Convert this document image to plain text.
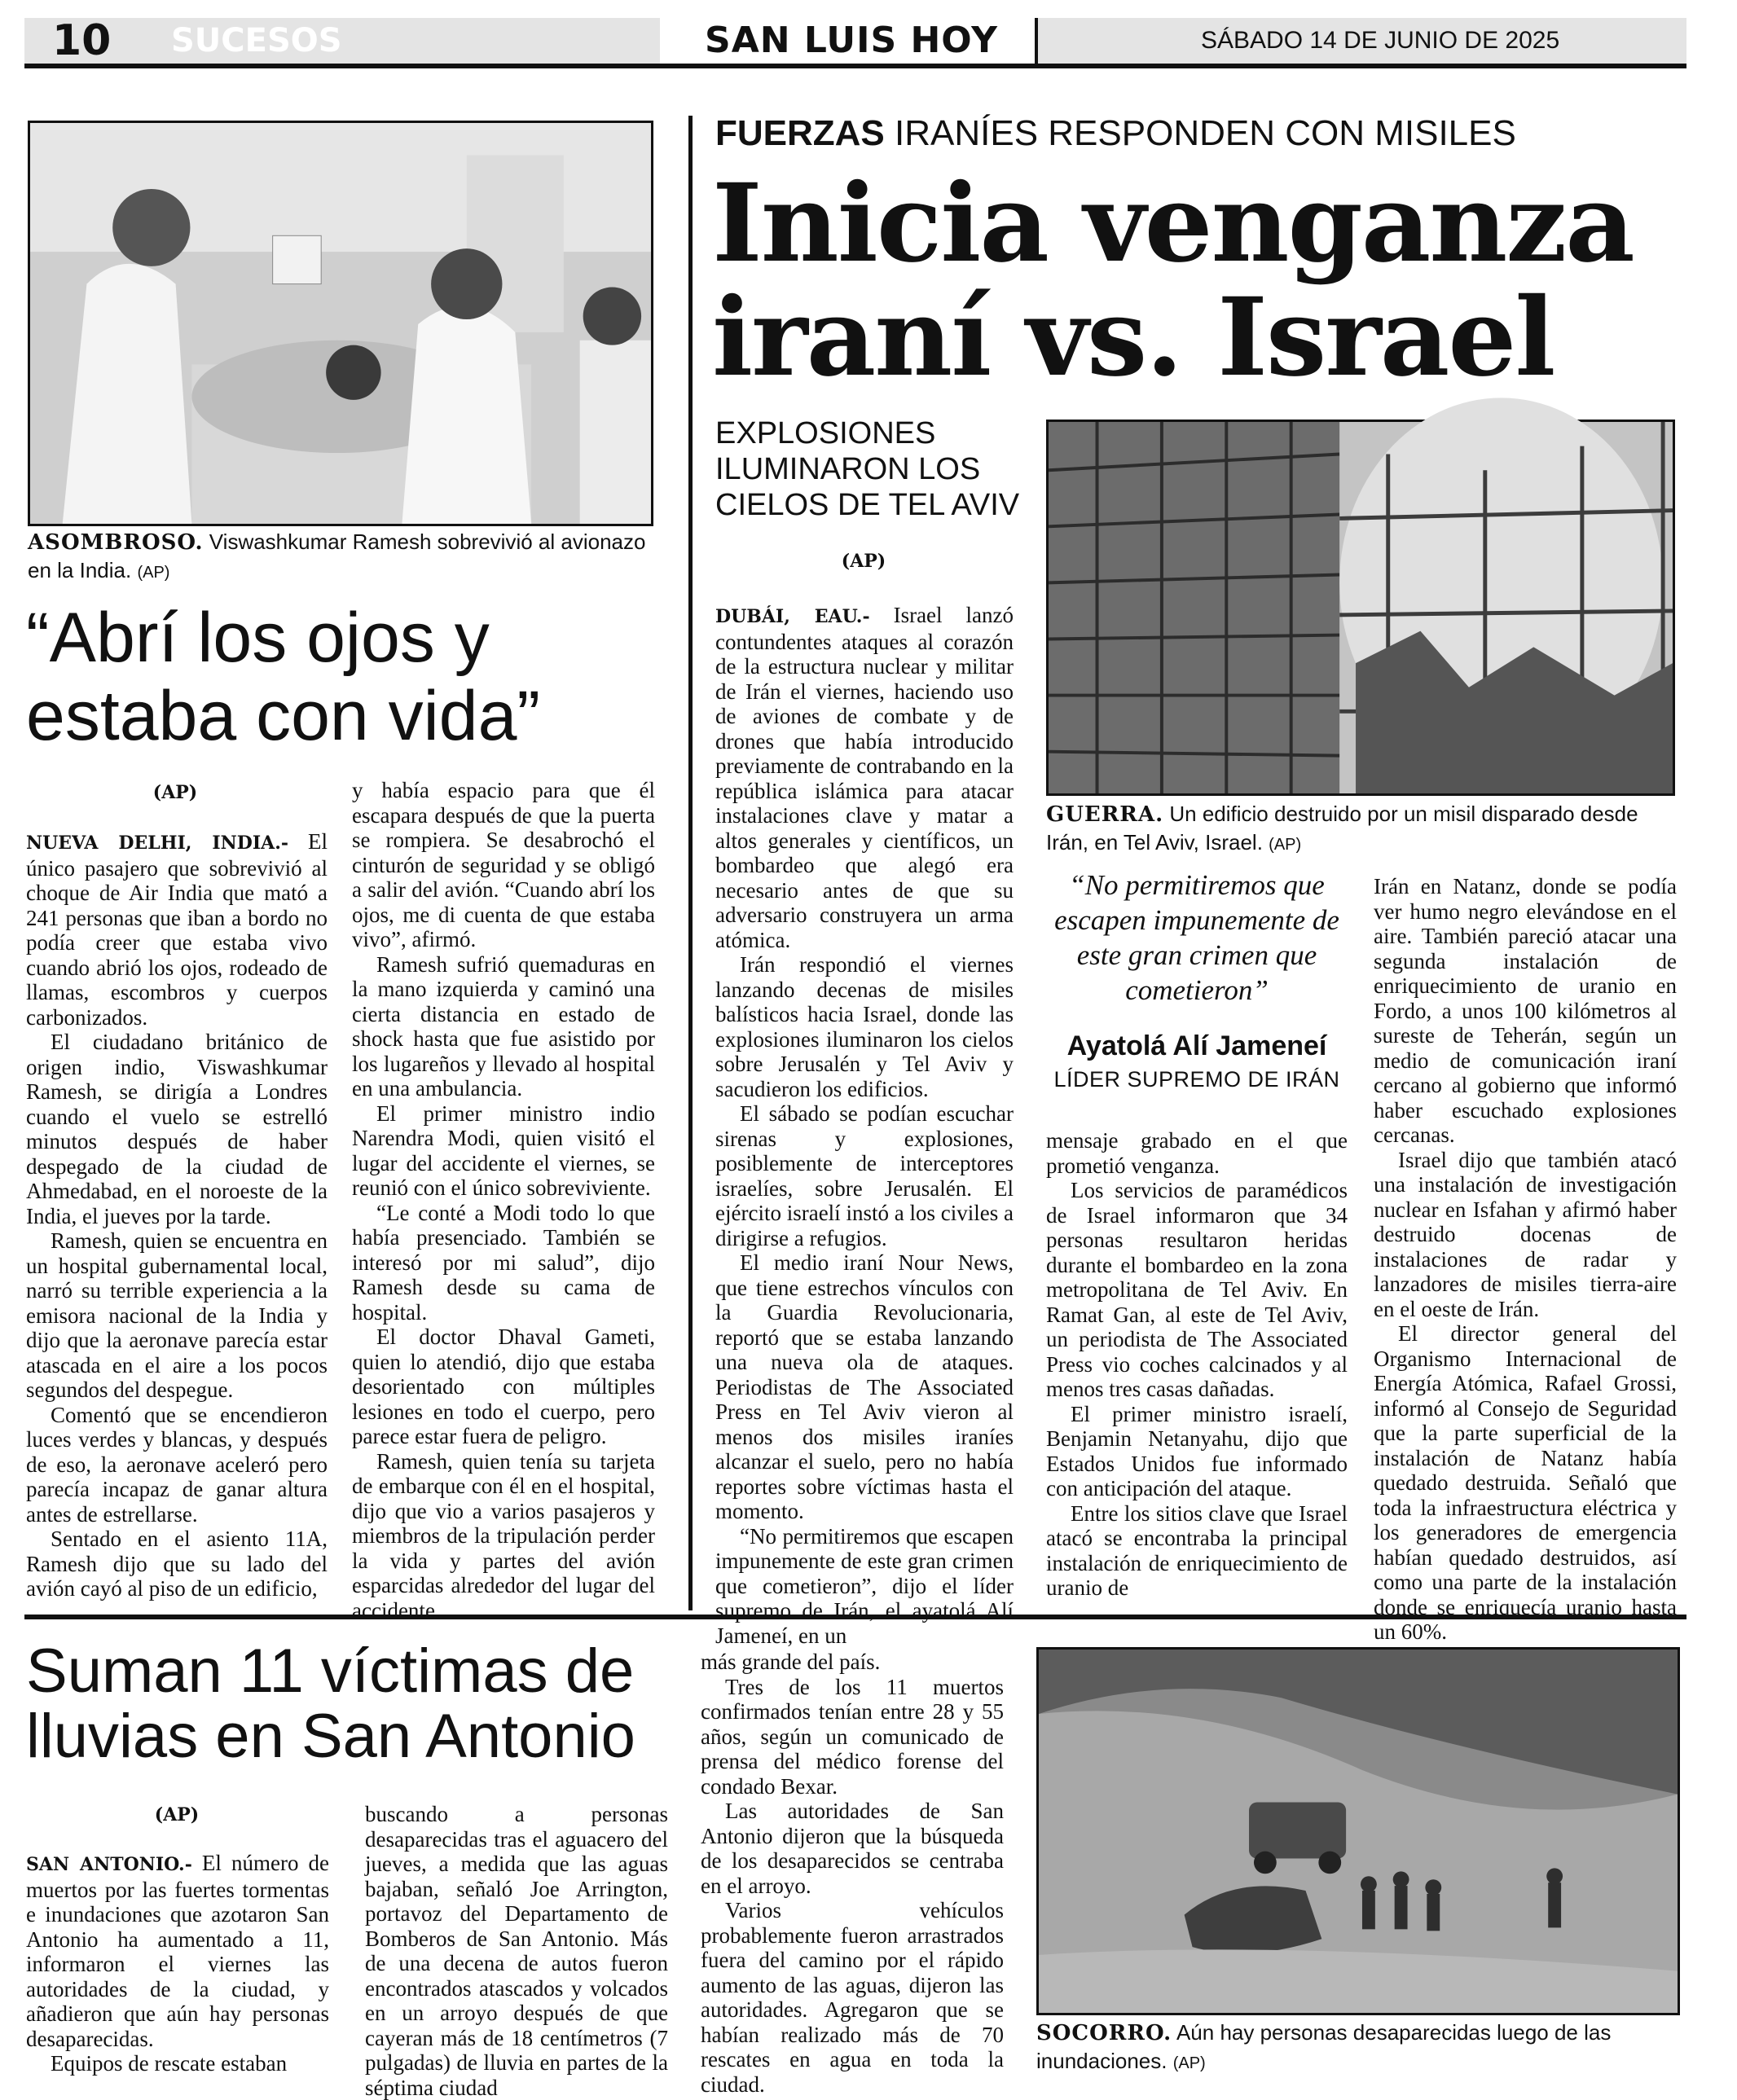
10	SUCESOS	SAN LUIS HOY	SÁBADO 14 DE JUNIO DE 2025
ASOMBROSO. Viswashkumar Ramesh sobrevivió al avionazo en la India. (AP)
“Abrí los ojos y estaba con vida”
(AP)

NUEVA DELHI, INDIA.- El único pasajero que sobrevivió al choque de Air India que mató a 241 personas que iban a bordo no podía creer que estaba vivo cuando abrió los ojos, rodeado de llamas, escombros y cuerpos carbonizados.

El ciudadano británico de origen indio, Viswashkumar Ramesh, se dirigía a Londres cuando el vuelo se estrelló minutos después de haber despegado de la ciudad de Ahmedabad, en el noroeste de la India, el jueves por la tarde.

Ramesh, quien se encuentra en un hospital gubernamental local, narró su terrible experiencia a la emisora nacional de la India y dijo que la aeronave parecía estar atascada en el aire a los pocos segundos del despegue.

Comentó que se encendieron luces verdes y blancas, y después de eso, la aeronave aceleró pero parecía incapaz de ganar altura antes de estrellarse.

Sentado en el asiento 11A, Ramesh dijo que su lado del avión cayó al piso de un edificio,

y había espacio para que él escapara después de que la puerta se rompiera. Se desabrochó el cinturón de seguridad y se obligó a salir del avión. “Cuando abrí los ojos, me di cuenta de que estaba vivo”, afirmó.

Ramesh sufrió quemaduras en la mano izquierda y caminó una cierta distancia en estado de shock hasta que fue asistido por los lugareños y llevado al hospital en una ambulancia.

El primer ministro indio Narendra Modi, quien visitó el lugar del accidente el viernes, se reunió con el único sobreviviente.

“Le conté a Modi todo lo que había presenciado. También se interesó por mi salud”, dijo Ramesh desde su cama de hospital.

El doctor Dhaval Gameti, quien lo atendió, dijo que estaba desorientado con múltiples lesiones en todo el cuerpo, pero parece estar fuera de peligro.

Ramesh, quien tenía su tarjeta de embarque con él en el hospital, dijo que vio a varios pasajeros y miembros de la tripulación perder la vida y partes del avión esparcidas alrededor del lugar del accidente.

FUERZAS IRANÍES RESPONDEN CON MISILES
Inicia venganza
iraní vs. Israel
EXPLOSIONES ILUMINARON LOS CIELOS DE TEL AVIV
(AP)
GUERRA. Un edificio destruido por un misil disparado desde Irán, en Tel Aviv, Israel. (AP)

DUBÁI, EAU.- Israel lanzó contundentes ataques al corazón de la estructura nuclear y militar de Irán el viernes, haciendo uso de aviones de combate y de drones que había introducido previamente de contrabando en la república islámica para atacar instalaciones clave y matar a altos generales y científicos, un bombardeo que alegó era necesario antes de que su adversario construyera un arma atómica.

Irán respondió el viernes lanzando decenas de misiles balísticos hacia Israel, donde las explosiones iluminaron los cielos sobre Jerusalén y Tel Aviv y sacudieron los edificios.

El sábado se podían escuchar sirenas y explosiones, posiblemente de interceptores israelíes, sobre Jerusalén. El ejército israelí instó a los civiles a dirigirse a refugios.

El medio iraní Nour News, que tiene estrechos vínculos con la Guardia Revolucionaria, reportó que se estaba lanzando una nueva ola de ataques. Periodistas de The Associated Press en Tel Aviv vieron al menos dos misiles iraníes alcanzar el suelo, pero no había reportes sobre víctimas hasta el momento.

“No permitiremos que escapen impunemente de este gran crimen que cometieron”, dijo el líder supremo de Irán, el ayatolá Alí Jameneí, en un

“No permitiremos que escapen impunemente de este gran crimen que cometieron”
Ayatolá Alí Jameneí
LÍDER SUPREMO DE IRÁN

mensaje grabado en el que prometió venganza.

Los servicios de paramédicos de Israel informaron que 34 personas resultaron heridas durante el bombardeo en la zona metropolitana de Tel Aviv. En Ramat Gan, al este de Tel Aviv, un periodista de The Associated Press vio coches calcinados y al menos tres casas dañadas.

El primer ministro israelí, Benjamin Netanyahu, dijo que Estados Unidos fue informado con anticipación del ataque.

Entre los sitios clave que Israel atacó se encontraba la principal instalación de enriquecimiento de uranio de

Irán en Natanz, donde se podía ver humo negro elevándose en el aire. También pareció atacar una segunda instalación de enriquecimiento de uranio en Fordo, a unos 100 kilómetros al sureste de Teherán, según un medio de comunicación iraní cercano al gobierno que informó haber escuchado explosiones cercanas.

Israel dijo que también atacó una instalación de investigación nuclear en Isfahan y afirmó haber destruido docenas de instalaciones de radar y lanzadores de misiles tierra-aire en el oeste de Irán.

El director general del Organismo Internacional de Energía Atómica, Rafael Grossi, informó al Consejo de Seguridad que la parte superficial de la instalación de Natanz había quedado destruida. Señaló que toda la infraestructura eléctrica y los generadores de emergencia habían quedado destruidos, así como una parte de la instalación donde se enriquecía uranio hasta un 60%.

Suman 11 víctimas de lluvias en San Antonio
(AP)

SAN ANTONIO.- El número de muertos por las fuertes tormentas e inundaciones que azotaron San Antonio ha aumentado a 11, informaron el viernes las autoridades de la ciudad, y añadieron que aún hay personas desaparecidas.

Equipos de rescate estaban

buscando a personas desaparecidas tras el aguacero del jueves, a medida que las aguas bajaban, señaló Joe Arrington, portavoz del Departamento de Bomberos de San Antonio. Más de una decena de autos fueron encontrados atascados y volcados en un arroyo después de que cayeran más de 18 centímetros (7 pulgadas) de lluvia en partes de la séptima ciudad

más grande del país.

Tres de los 11 muertos confirmados tenían entre 28 y 55 años, según un comunicado de prensa del médico forense del condado Bexar.

Las autoridades de San Antonio dijeron que la búsqueda de los desaparecidos se centraba en el arroyo.

Varios vehículos probablemente fueron arrastrados fuera del camino por el rápido aumento de las aguas, dijeron las autoridades. Agregaron que se habían realizado más de 70 rescates en agua en toda la ciudad.

SOCORRO. Aún hay personas desaparecidas luego de las inundaciones. (AP)
